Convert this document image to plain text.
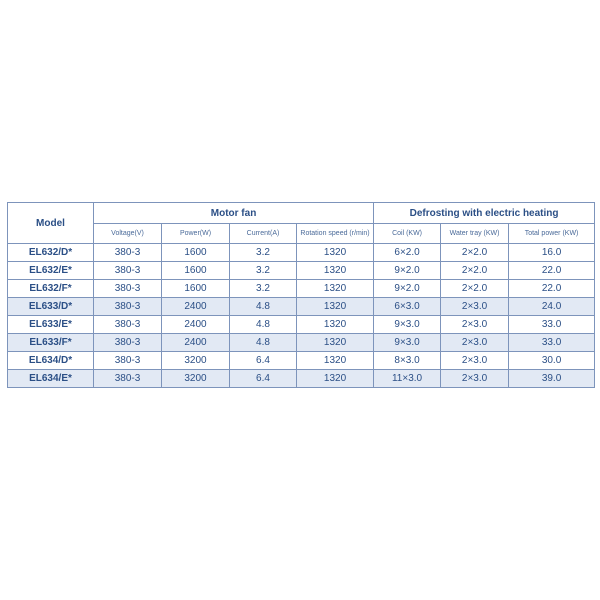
Model	Motor fan				Defrosting with electric heating		
	Voltage(V)	Power(W)	Current(A)	Rotation speed (r/min)	Coil (KW)	Water tray (KW)	Total power (KW)
EL632/D*	380-3	1600	3.2	1320	6×2.0	2×2.0	16.0
EL632/E*	380-3	1600	3.2	1320	9×2.0	2×2.0	22.0
EL632/F*	380-3	1600	3.2	1320	9×2.0	2×2.0	22.0
EL633/D*	380-3	2400	4.8	1320	6×3.0	2×3.0	24.0
EL633/E*	380-3	2400	4.8	1320	9×3.0	2×3.0	33.0
EL633/F*	380-3	2400	4.8	1320	9×3.0	2×3.0	33.0
EL634/D*	380-3	3200	6.4	1320	8×3.0	2×3.0	30.0
EL634/E*	380-3	3200	6.4	1320	11×3.0	2×3.0	39.0
